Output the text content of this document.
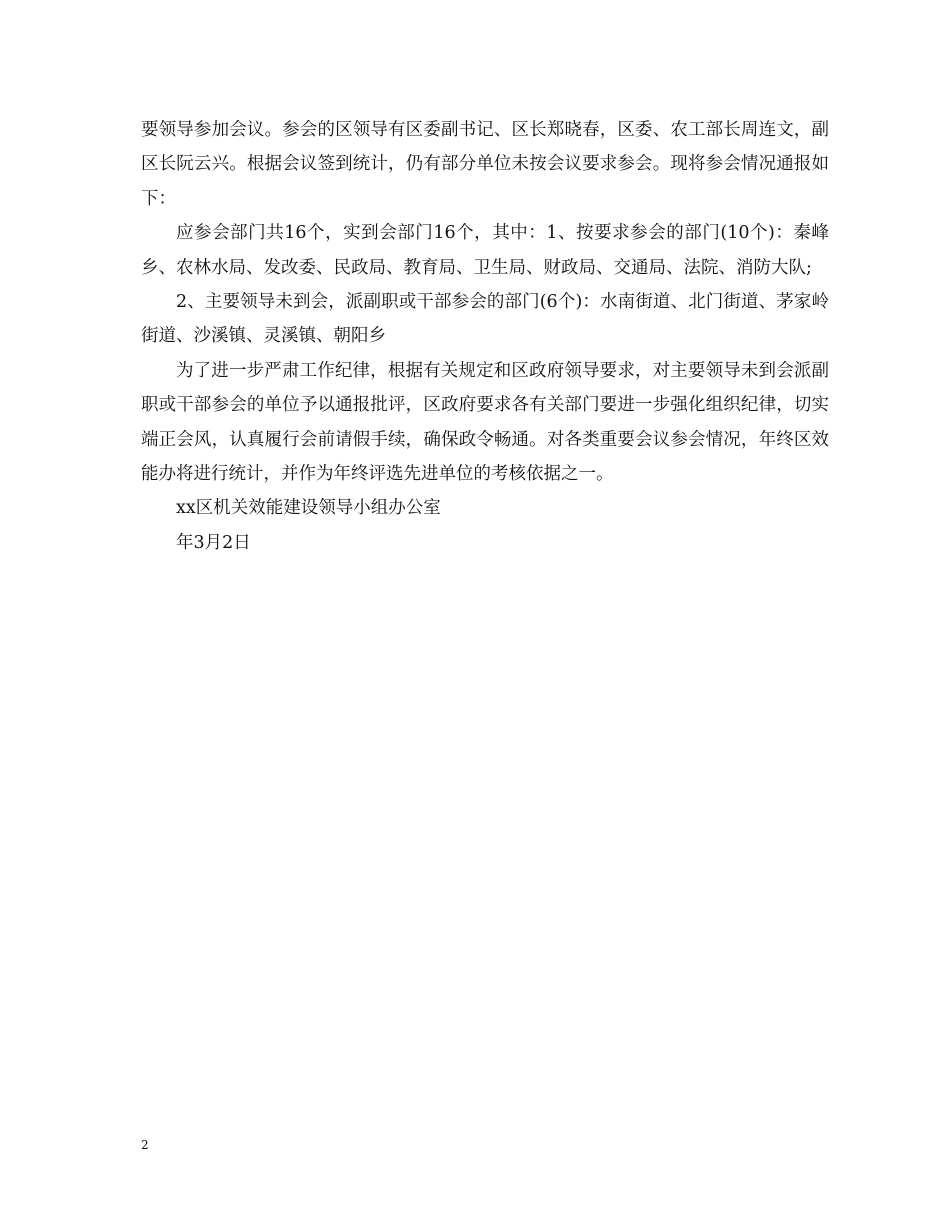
要领导参加会议。参会的区领导有区委副书记、区长郑晓春，区委、农工部长周连文，副区长阮云兴。根据会议签到统计，仍有部分单位未按会议要求参会。现将参会情况通报如下：

应参会部门共16个，实到会部门16个，其中：1、按要求参会的部门(10个)：秦峰乡、农林水局、发改委、民政局、教育局、卫生局、财政局、交通局、法院、消防大队;

2、主要领导未到会，派副职或干部参会的部门(6个)：水南街道、北门街道、茅家岭街道、沙溪镇、灵溪镇、朝阳乡

为了进一步严肃工作纪律，根据有关规定和区政府领导要求，对主要领导未到会派副职或干部参会的单位予以通报批评，区政府要求各有关部门要进一步强化组织纪律，切实端正会风，认真履行会前请假手续，确保政令畅通。对各类重要会议参会情况，年终区效能办将进行统计，并作为年终评选先进单位的考核依据之一。

xx区机关效能建设领导小组办公室

年3月2日

2
